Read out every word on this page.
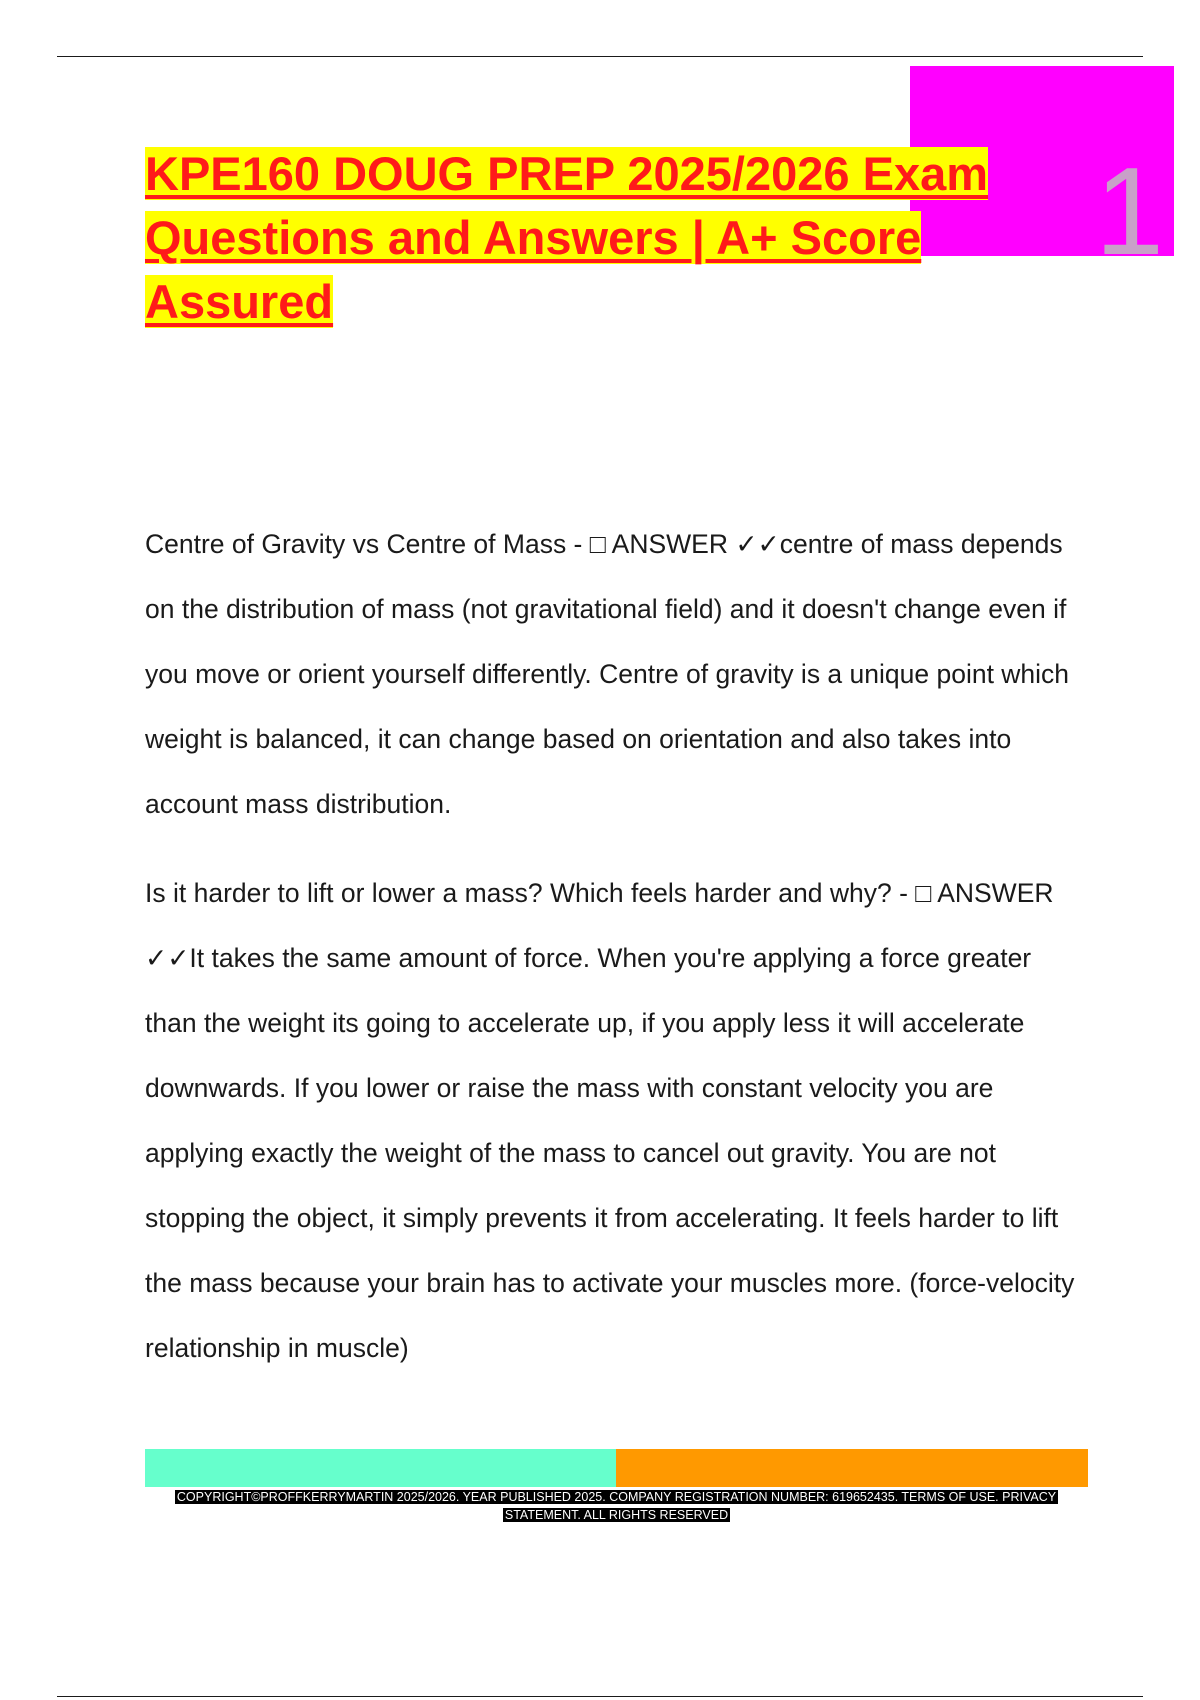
1
KPE160 DOUG PREP 2025/2026 Exam
Questions and Answers | A+ Score
Assured

Centre of Gravity vs Centre of Mass - □ ANSWER ✓✓centre of mass depends on the distribution of mass (not gravitational field) and it doesn't change even if you move or orient yourself differently. Centre of gravity is a unique point which weight is balanced, it can change based on orientation and also takes into account mass distribution.

Is it harder to lift or lower a mass? Which feels harder and why? - □ ANSWER ✓✓It takes the same amount of force. When you're applying a force greater than the weight its going to accelerate up, if you apply less it will accelerate downwards. If you lower or raise the mass with constant velocity you are applying exactly the weight of the mass to cancel out gravity. You are not stopping the object, it simply prevents it from accelerating. It feels harder to lift the mass because your brain has to activate your muscles more. (force-velocity relationship in muscle)

COPYRIGHT©PROFFKERRYMARTIN 2025/2026. YEAR PUBLISHED 2025. COMPANY REGISTRATION NUMBER: 619652435. TERMS OF USE. PRIVACY STATEMENT. ALL RIGHTS RESERVED
